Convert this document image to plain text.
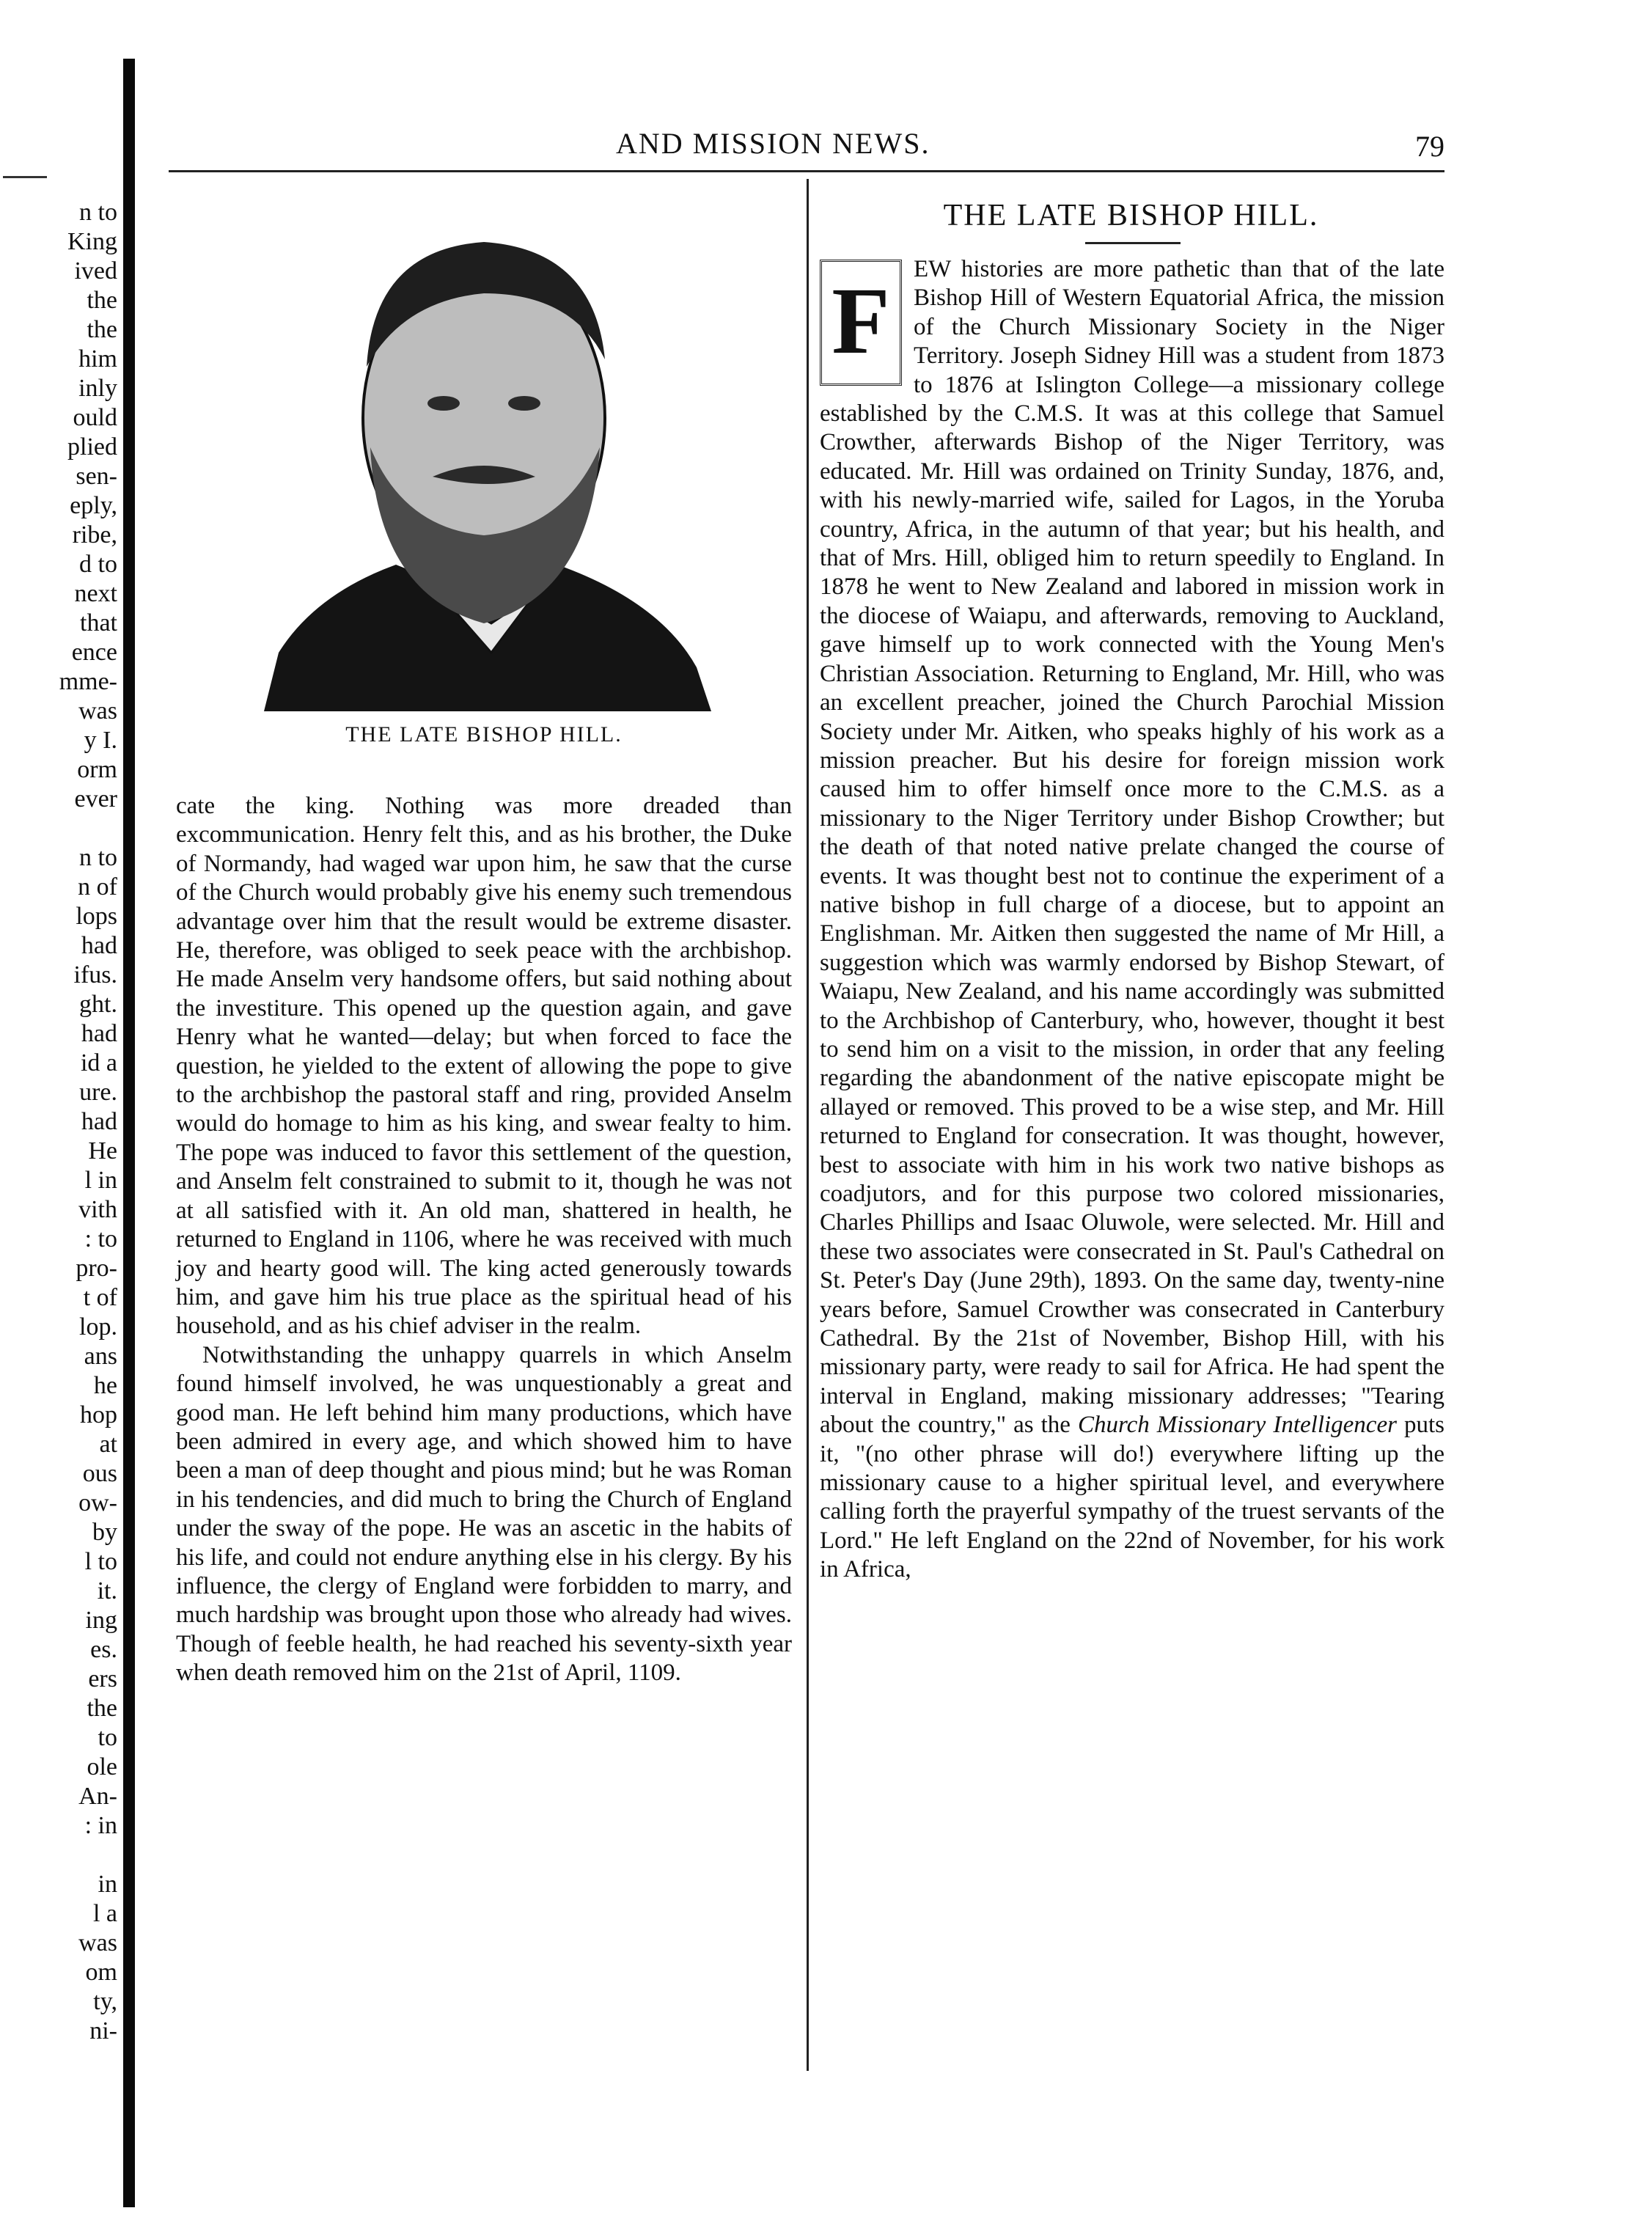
n to
King
ived
the
the
him
inly
ould
plied
sen-
eply,
ribe,
d to
next
that
ence
mme-
was
y I.
orm
ever

n to
n of
lops
had
ifus.
ght.
had
id a
ure.
had
He
l in
vith
: to
pro-
t of
lop.
ans
he
hop
at
ous
ow-
by
l to
it.
ing
es.
ers
the
to
ole
An-
: in

in
l a
was
om
ty,
ni-
AND MISSION NEWS.	79
THE LATE BISHOP HILL.

cate the king. Nothing was more dreaded than excommunication. Henry felt this, and as his brother, the Duke of Normandy, had waged war upon him, he saw that the curse of the Church would probably give his enemy such tremendous advantage over him that the result would be extreme disaster. He, therefore, was obliged to seek peace with the archbishop. He made Anselm very handsome offers, but said nothing about the investiture. This opened up the question again, and gave Henry what he wanted—delay; but when forced to face the question, he yielded to the extent of allowing the pope to give to the archbishop the pastoral staff and ring, provided Anselm would do homage to him as his king, and swear fealty to him. The pope was induced to favor this settlement of the question, and Anselm felt constrained to submit to it, though he was not at all satisfied with it. An old man, shattered in health, he returned to England in 1106, where he was received with much joy and hearty good will. The king acted generously towards him, and gave him his true place as the spiritual head of his household, and as his chief adviser in the realm.

Notwithstanding the unhappy quarrels in which Anselm found himself involved, he was unquestionably a great and good man. He left behind him many productions, which have been admired in every age, and which showed him to have been a man of deep thought and pious mind; but he was Roman in his tendencies, and did much to bring the Church of England under the sway of the pope. He was an ascetic in the habits of his life, and could not endure anything else in his clergy. By his influence, the clergy of England were forbidden to marry, and much hardship was brought upon those who already had wives. Though of feeble health, he had reached his seventy-sixth year when death removed him on the 21st of April, 1109.

THE LATE BISHOP HILL.

F EW histories are more pathetic than that of the late Bishop Hill of Western Equatorial Africa, the mission of the Church Missionary Society in the Niger Territory. Joseph Sidney Hill was a student from 1873 to 1876 at Islington College—a missionary college established by the C.M.S. It was at this college that Samuel Crowther, afterwards Bishop of the Niger Territory, was educated. Mr. Hill was ordained on Trinity Sunday, 1876, and, with his newly-married wife, sailed for Lagos, in the Yoruba country, Africa, in the autumn of that year; but his health, and that of Mrs. Hill, obliged him to return speedily to England. In 1878 he went to New Zealand and labored in mission work in the diocese of Waiapu, and afterwards, removing to Auckland, gave himself up to work connected with the Young Men's Christian Association. Returning to England, Mr. Hill, who was an excellent preacher, joined the Church Parochial Mission Society under Mr. Aitken, who speaks highly of his work as a mission preacher. But his desire for foreign mission work caused him to offer himself once more to the C.M.S. as a missionary to the Niger Territory under Bishop Crowther; but the death of that noted native prelate changed the course of events. It was thought best not to continue the experiment of a native bishop in full charge of a diocese, but to appoint an Englishman. Mr. Aitken then suggested the name of Mr Hill, a suggestion which was warmly endorsed by Bishop Stewart, of Waiapu, New Zealand, and his name accordingly was submitted to the Archbishop of Canterbury, who, however, thought it best to send him on a visit to the mission, in order that any feeling regarding the abandonment of the native episcopate might be allayed or removed. This proved to be a wise step, and Mr. Hill returned to England for consecration. It was thought, however, best to associate with him in his work two native bishops as coadjutors, and for this purpose two colored missionaries, Charles Phillips and Isaac Oluwole, were selected. Mr. Hill and these two associates were consecrated in St. Paul's Cathedral on St. Peter's Day (June 29th), 1893. On the same day, twenty-nine years before, Samuel Crowther was consecrated in Canterbury Cathedral. By the 21st of November, Bishop Hill, with his missionary party, were ready to sail for Africa. He had spent the interval in England, making missionary addresses; "Tearing about the country," as the Church Missionary Intelligencer puts it, "(no other phrase will do!) everywhere lifting up the missionary cause to a higher spiritual level, and everywhere calling forth the prayerful sympathy of the truest servants of the Lord." He left England on the 22nd of November, for his work in Africa,
